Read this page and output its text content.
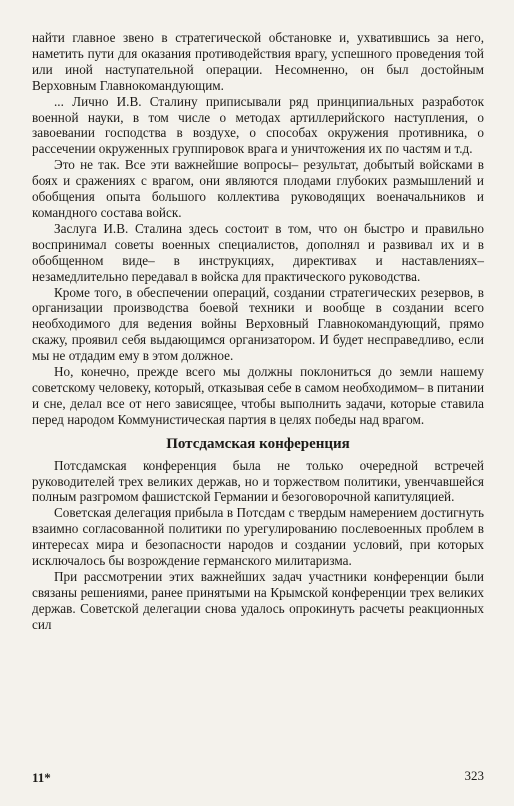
найти главное звено в стратегической обстановке и, ухватившись за него, наметить пути для оказания противодействия врагу, успешного проведения той или иной наступательной операции. Несомненно, он был достойным Верховным Главнокомандующим.

... Лично И.В. Сталину приписывали ряд принципиальных разработок военной науки, в том числе о методах артиллерийского наступления, о завоевании господства в воздухе, о способах окружения противника, о рассечении окруженных группировок врага и уничтожения их по частям и т.д.

Это не так. Все эти важнейшие вопросы– результат, добытый войсками в боях и сражениях с врагом, они являются плодами глубоких размышлений и обобщения опыта большого коллектива руководящих военачальников и командного состава войск.

Заслуга И.В. Сталина здесь состоит в том, что он быстро и правильно воспринимал советы военных специалистов, дополнял и развивал их и в обобщенном виде– в инструкциях, директивах и наставлениях–незамедлительно передавал в войска для практического руководства.

Кроме того, в обеспечении операций, создании стратегических резервов, в организации производства боевой техники и вообще в создании всего необходимого для ведения войны Верховный Главнокомандующий, прямо скажу, проявил себя выдающимся организатором. И будет несправедливо, если мы не отдадим ему в этом должное.

Но, конечно, прежде всего мы должны поклониться до земли нашему советскому человеку, который, отказывая себе в самом необходимом– в питании и сне, делал все от него зависящее, чтобы выполнить задачи, которые ставила перед народом Коммунистическая партия в целях победы над врагом.

Потсдамская конференция

Потсдамская конференция была не только очередной встречей руководителей трех великих держав, но и торжеством политики, увенчавшейся полным разгромом фашистской Германии и безоговорочной капитуляцией.

Советская делегация прибыла в Потсдам с твердым намерением достигнуть взаимно согласованной политики по урегулированию послевоенных проблем в интересах мира и безопасности народов и создании условий, при которых исключалось бы возрождение германского милитаризма.

При рассмотрении этих важнейших задач участники конференции были связаны решениями, ранее принятыми на Крымской конференции трех великих держав. Советской делегации снова удалось опрокинуть расчеты реакционных сил

11*	323
